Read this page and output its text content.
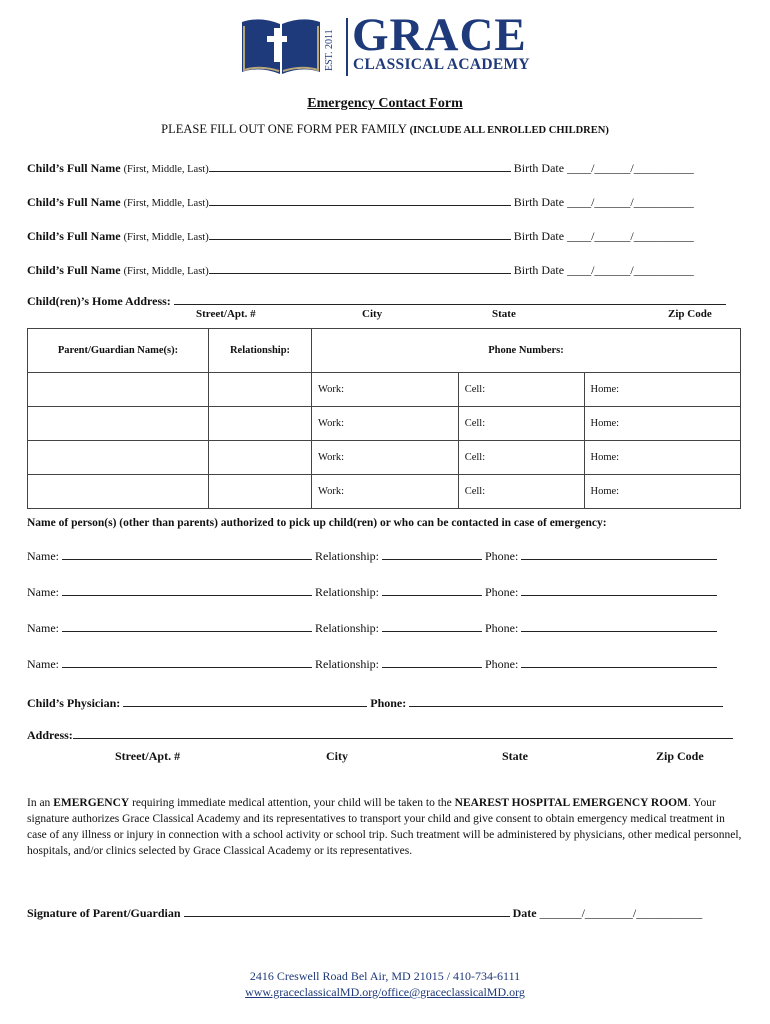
EST. 2011 GRACE
CLASSICAL ACADEMY
Emergency Contact Form
PLEASE FILL OUT ONE FORM PER FAMILY (INCLUDE ALL ENROLLED CHILDREN)
Child’s Full Name (First, Middle, Last)	Birth Date ____/______/__________
Child’s Full Name (First, Middle, Last)	Birth Date ____/______/__________
Child’s Full Name (First, Middle, Last)	Birth Date ____/______/__________
Child’s Full Name (First, Middle, Last)	Birth Date ____/______/__________
Child(ren)’s Home Address:
Street/Apt. #	City	State	Zip Code
Parent/Guardian Name(s):	Relationship:	Phone Numbers:		
		Work:	Cell:	Home:
		Work:	Cell:	Home:
		Work:	Cell:	Home:
		Work:	Cell:	Home:
Name of person(s) (other than parents) authorized to pick up child(ren) or who can be contacted in case of emergency:
Name:	Relationship:	Phone:
Name:	Relationship:	Phone:
Name:	Relationship:	Phone:
Name:	Relationship:	Phone:
Child’s Physician:	Phone:
Address:
Street/Apt. #	City	State	Zip Code
In an EMERGENCY requiring immediate medical attention, your child will be taken to the NEAREST HOSPITAL EMERGENCY ROOM. Your signature authorizes Grace Classical Academy and its representatives to transport your child and give consent to obtain emergency medical treatment in case of any illness or injury in connection with a school activity or school trip. Such treatment will be administered by physicians, other medical personnel, hospitals, and/or clinics selected by Grace Classical Academy or its representatives.
Signature of Parent/Guardian	Date _______/________/___________
2416 Creswell Road Bel Air, MD 21015 / 410-734-6111
www.graceclassicalMD.org/office@graceclassicalMD.org
